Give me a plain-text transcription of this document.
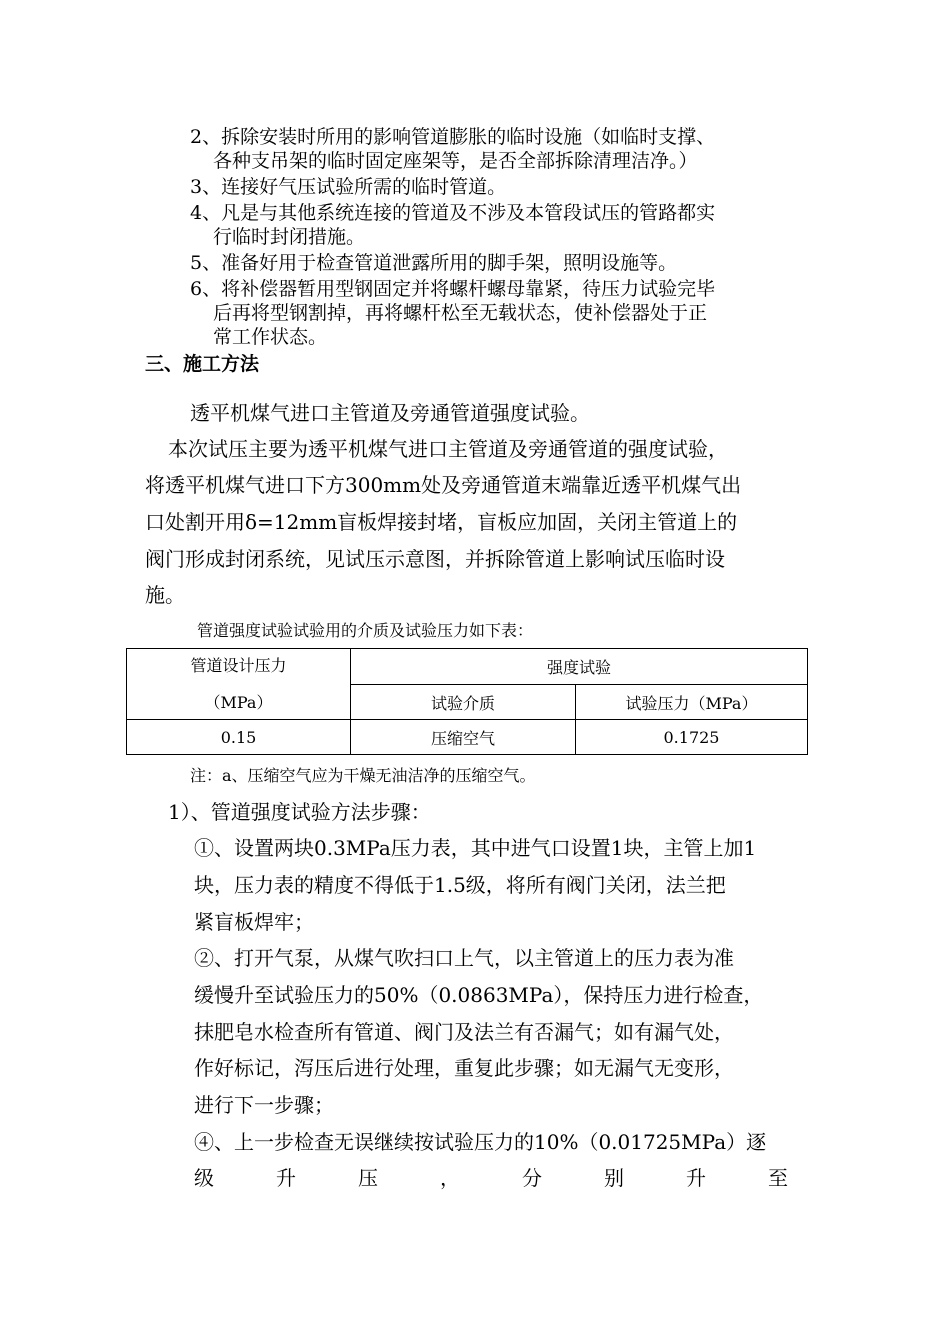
2、拆除安装时所用的影响管道膨胀的临时设施（如临时支撑、
各种支吊架的临时固定座架等，是否全部拆除清理洁净。）
3、连接好气压试验所需的临时管道。
4、凡是与其他系统连接的管道及不涉及本管段试压的管路都实
行临时封闭措施。
5、准备好用于检查管道泄露所用的脚手架，照明设施等。
6、将补偿器暂用型钢固定并将螺杆螺母靠紧，待压力试验完毕
后再将型钢割掉，再将螺杆松至无载状态，使补偿器处于正
常工作状态。
三、施工方法
透平机煤气进口主管道及旁通管道强度试验。
本次试压主要为透平机煤气进口主管道及旁通管道的强度试验，
将透平机煤气进口下方300mm处及旁通管道末端靠近透平机煤气出
口处割开用δ=12mm盲板焊接封堵，盲板应加固，关闭主管道上的
阀门形成封闭系统，见试压示意图，并拆除管道上影响试压临时设
施。
管道强度试验试验用的介质及试验压力如下表：
管道设计压力
（MPa）	强度试验	
	试验介质	试验压力（MPa）
0.15	压缩空气	0.1725
注：a、压缩空气应为干燥无油洁净的压缩空气。
1）、管道强度试验方法步骤：
①、设置两块0.3MPa压力表，其中进气口设置1块，主管上加1
块，压力表的精度不得低于1.5级，将所有阀门关闭，法兰把
紧盲板焊牢；
②、打开气泵，从煤气吹扫口上气，以主管道上的压力表为准
缓慢升至试验压力的50%（0.0863MPa），保持压力进行检查，
抹肥皂水检查所有管道、阀门及法兰有否漏气；如有漏气处，
作好标记，泻压后进行处理，重复此步骤；如无漏气无变形，
进行下一步骤；
④、上一步检查无误继续按试验压力的10%（0.01725MPa）逐
级升压，分别升至
